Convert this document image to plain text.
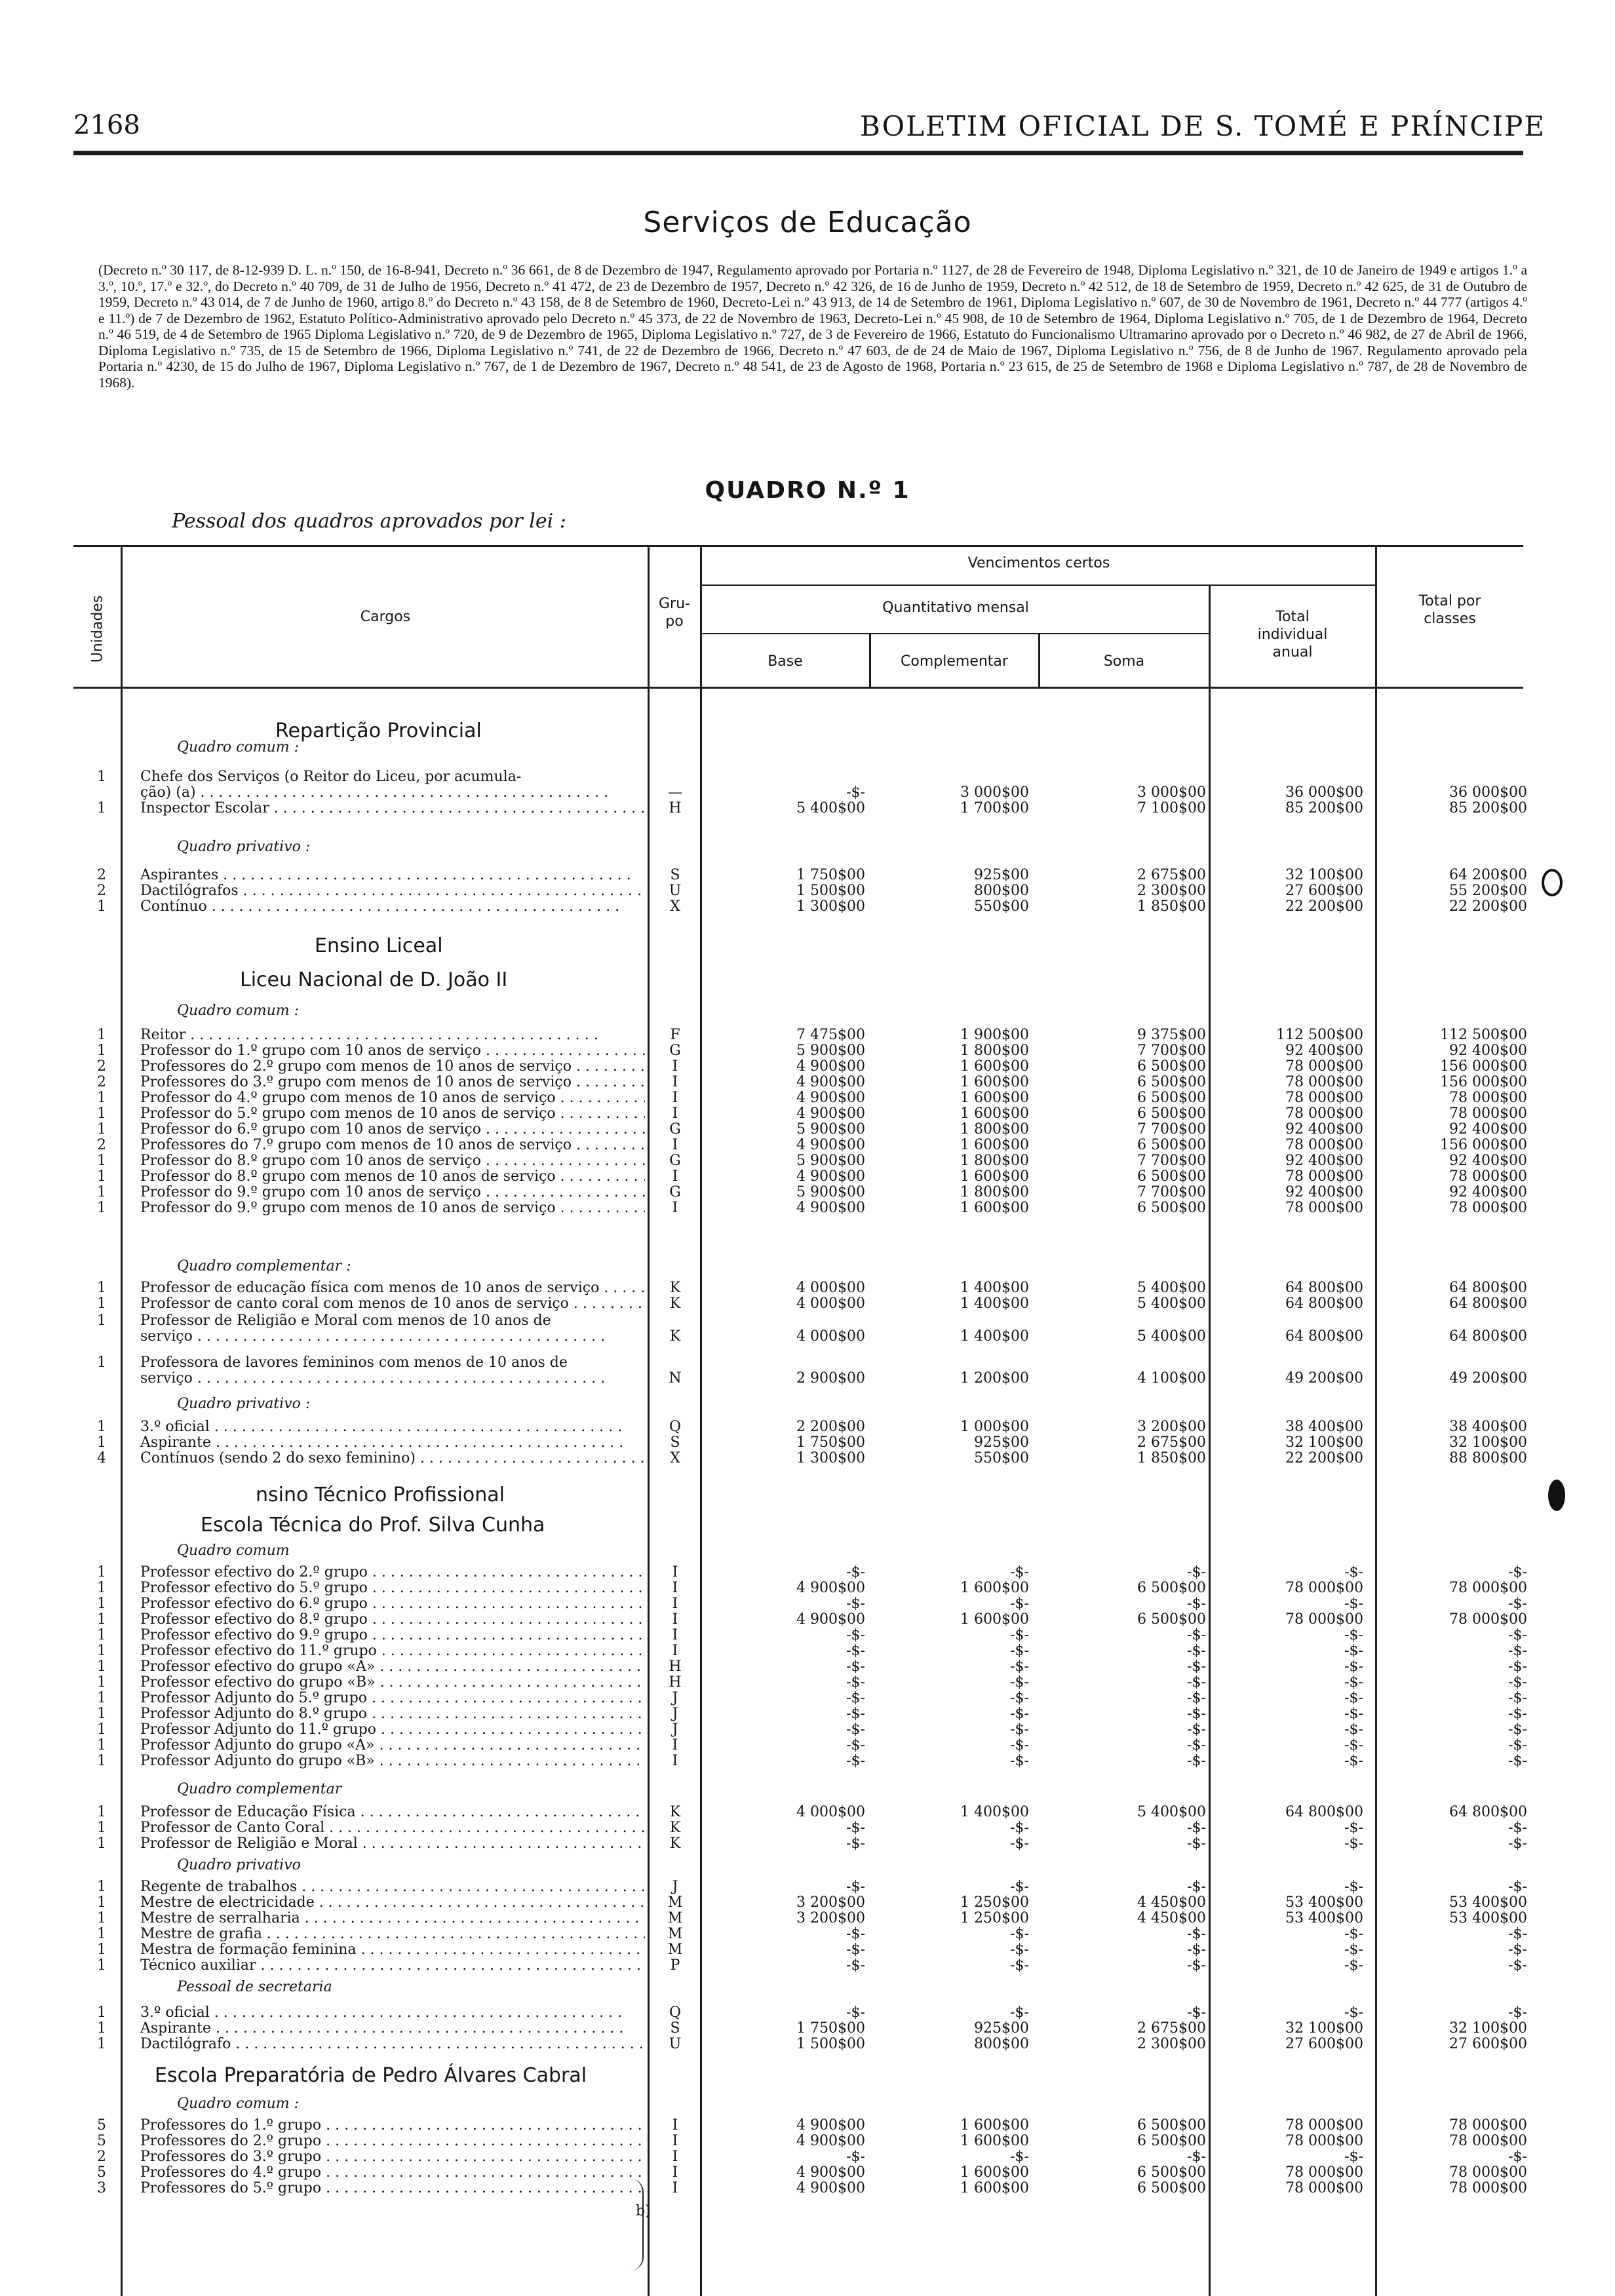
2168	BOLETIM OFICIAL DE S. TOMÉ E PRÍNCIPE
Serviços de Educação
(Decreto n.º 30 117, de 8-12-939 D. L. n.º 150, de 16-8-941, Decreto n.º 36 661, de 8 de Dezembro de 1947, Regulamento aprovado por Portaria n.º 1127, de 28 de Fevereiro de 1948, Diploma Legislativo n.º 321, de 10 de Janeiro de 1949 e artigos 1.º a 3.º, 10.º, 17.º e 32.º, do Decreto n.º 40 709, de 31 de Julho de 1956, Decreto n.º 41 472, de 23 de Dezembro de 1957, Decreto n.º 42 326, de 16 de Junho de 1959, Decreto n.º 42 512, de 18 de Setembro de 1959, Decreto n.º 42 625, de 31 de Outubro de 1959, Decreto n.º 43 014, de 7 de Junho de 1960, artigo 8.º do Decreto n.º 43 158, de 8 de Setembro de 1960, Decreto-Lei n.º 43 913, de 14 de Setembro de 1961, Diploma Legislativo n.º 607, de 30 de Novembro de 1961, Decreto n.º 44 777 (artigos 4.º e 11.º) de 7 de Dezembro de 1962, Estatuto Político-Administrativo aprovado pelo Decreto n.º 45 373, de 22 de Novembro de 1963, Decreto-Lei n.º 45 908, de 10 de Setembro de 1964, Diploma Legislativo n.º 705, de 1 de Dezembro de 1964, Decreto n.º 46 519, de 4 de Setembro de 1965 Diploma Legislativo n.º 720, de 9 de Dezembro de 1965, Diploma Legislativo n.º 727, de 3 de Fevereiro de 1966, Estatuto do Funcionalismo Ultramarino aprovado por o Decreto n.º 46 982, de 27 de Abril de 1966, Diploma Legislativo n.º 735, de 15 de Setembro de 1966, Diploma Legislativo n.º 741, de 22 de Dezembro de 1966, Decreto n.º 47 603, de de 24 de Maio de 1967, Diploma Legislativo n.º 756, de 8 de Junho de 1967. Regulamento aprovado pela Portaria n.º 4230, de 15 do Julho de 1967, Diploma Legislativo n.º 767, de 1 de Dezembro de 1967, Decreto n.º 48 541, de 23 de Agosto de 1968, Portaria n.º 23 615, de 25 de Setembro de 1968 e Diploma Legislativo n.º 787, de 28 de Novembro de 1968).
QUADRO N.º 1
Pessoal dos quadros aprovados por lei :
Unidades	Cargos
Gru-
po
Vencimentos certos
Quantitativo mensal
Base	Complementar	Soma
Total
individual
anual
Total por
classes
Repartição Provincial
Quadro comum :
1	Chefe dos Serviços (o Reitor do Liceu, por acumula-
ção) (a) . . .	—	-$-	3 000$00	3 000$00	36 000$00	36 000$00
1	Inspector Escolar . . .	H	5 400$00	1 700$00	7 100$00	85 200$00	85 200$00
Quadro privativo :
2	Aspirantes . . .	S	1 750$00	925$00	2 675$00	32 100$00	64 200$00
2	Dactilógrafos . . .	U	1 500$00	800$00	2 300$00	27 600$00	55 200$00
1	Contínuo . . .	X	1 300$00	550$00	1 850$00	22 200$00	22 200$00
Ensino Liceal
Liceu Nacional de D. João II
Quadro comum :
1	Reitor . . .	F	7 475$00	1 900$00	9 375$00	112 500$00	112 500$00
1	Professor do 1.º grupo com 10 anos de serviço . . .	G	5 900$00	1 800$00	7 700$00	92 400$00	92 400$00
2	Professores do 2.º grupo com menos de 10 anos de serviço . . .	I	4 900$00	1 600$00	6 500$00	78 000$00	156 000$00
2	Professores do 3.º grupo com menos de 10 anos de serviço . . .	I	4 900$00	1 600$00	6 500$00	78 000$00	156 000$00
1	Professor do 4.º grupo com menos de 10 anos de serviço . . .	I	4 900$00	1 600$00	6 500$00	78 000$00	78 000$00
1	Professor do 5.º grupo com menos de 10 anos de serviço . . .	I	4 900$00	1 600$00	6 500$00	78 000$00	78 000$00
1	Professor do 6.º grupo com 10 anos de serviço . . .	G	5 900$00	1 800$00	7 700$00	92 400$00	92 400$00
2	Professores do 7.º grupo com menos de 10 anos de serviço . . .	I	4 900$00	1 600$00	6 500$00	78 000$00	156 000$00
1	Professor do 8.º grupo com 10 anos de serviço . . .	G	5 900$00	1 800$00	7 700$00	92 400$00	92 400$00
1	Professor do 8.º grupo com menos de 10 anos de serviço . . .	I	4 900$00	1 600$00	6 500$00	78 000$00	78 000$00
1	Professor do 9.º grupo com 10 anos de serviço . . .	G	5 900$00	1 800$00	7 700$00	92 400$00	92 400$00
1	Professor do 9.º grupo com menos de 10 anos de serviço . . .	I	4 900$00	1 600$00	6 500$00	78 000$00	78 000$00
Quadro complementar :
1	Professor de educação física com menos de 10 anos de serviço . . .	K	4 000$00	1 400$00	5 400$00	64 800$00	64 800$00
1	Professor de canto coral com menos de 10 anos de serviço . . .	K	4 000$00	1 400$00	5 400$00	64 800$00	64 800$00
1	Professor de Religião e Moral com menos de 10 anos de
serviço . . .	K	4 000$00	1 400$00	5 400$00	64 800$00	64 800$00
1	Professora de lavores femininos com menos de 10 anos de
serviço . . .	N	2 900$00	1 200$00	4 100$00	49 200$00	49 200$00
Quadro privativo :
1	3.º oficial . . .	Q	2 200$00	1 000$00	3 200$00	38 400$00	38 400$00
1	Aspirante . . .	S	1 750$00	925$00	2 675$00	32 100$00	32 100$00
4	Contínuos (sendo 2 do sexo feminino) . . .	X	1 300$00	550$00	1 850$00	22 200$00	88 800$00
nsino Técnico Profissional
Escola Técnica do Prof. Silva Cunha
Quadro comum
1	Professor efectivo do 2.º grupo . . .	I	-$-	-$-	-$-	-$-	-$-
1	Professor efectivo do 5.º grupo . . .	I	4 900$00	1 600$00	6 500$00	78 000$00	78 000$00
1	Professor efectivo do 6.º grupo . . .	I	-$-	-$-	-$-	-$-	-$-
1	Professor efectivo do 8.º grupo . . .	I	4 900$00	1 600$00	6 500$00	78 000$00	78 000$00
1	Professor efectivo do 9.º grupo . . .	I	-$-	-$-	-$-	-$-	-$-
1	Professor efectivo do 11.º grupo . . .	I	-$-	-$-	-$-	-$-	-$-
1	Professor efectivo do grupo «A» . . .	H	-$-	-$-	-$-	-$-	-$-
1	Professor efectivo do grupo «B» . . .	H	-$-	-$-	-$-	-$-	-$-
1	Professor Adjunto do 5.º grupo . . .	J	-$-	-$-	-$-	-$-	-$-
1	Professor Adjunto do 8.º grupo . . .	J	-$-	-$-	-$-	-$-	-$-
1	Professor Adjunto do 11.º grupo . . .	J	-$-	-$-	-$-	-$-	-$-
1	Professor Adjunto do grupo «A» . . .	I	-$-	-$-	-$-	-$-	-$-
1	Professor Adjunto do grupo «B» . . .	I	-$-	-$-	-$-	-$-	-$-
Quadro complementar
1	Professor de Educação Física . . .	K	4 000$00	1 400$00	5 400$00	64 800$00	64 800$00
1	Professor de Canto Coral . . .	K	-$-	-$-	-$-	-$-	-$-
1	Professor de Religião e Moral . . .	K	-$-	-$-	-$-	-$-	-$-
Quadro privativo
1	Regente de trabalhos . . .	J	-$-	-$-	-$-	-$-	-$-
1	Mestre de electricidade . . .	M	3 200$00	1 250$00	4 450$00	53 400$00	53 400$00
1	Mestre de serralharia . . .	M	3 200$00	1 250$00	4 450$00	53 400$00	53 400$00
1	Mestre de grafia . . .	M	-$-	-$-	-$-	-$-	-$-
1	Mestra de formação feminina . . .	M	-$-	-$-	-$-	-$-	-$-
1	Técnico auxiliar . . .	P	-$-	-$-	-$-	-$-	-$-
Pessoal de secretaria
1	3.º oficial . . .	Q	-$-	-$-	-$-	-$-	-$-
1	Aspirante . . .	S	1 750$00	925$00	2 675$00	32 100$00	32 100$00
1	Dactilógrafo . . .	U	1 500$00	800$00	2 300$00	27 600$00	27 600$00
Escola Preparatória de Pedro Álvares Cabral
Quadro comum :
5	Professores do 1.º grupo . . .	I	4 900$00	1 600$00	6 500$00	78 000$00	78 000$00
5	Professores do 2.º grupo . . .	I	4 900$00	1 600$00	6 500$00	78 000$00	78 000$00
2	Professores do 3.º grupo . . .	I	-$-	-$-	-$-	-$-	-$-
5	Professores do 4.º grupo . . .	I	4 900$00	1 600$00	6 500$00	78 000$00	78 000$00
3	Professores do 5.º grupo . . .	I	4 900$00	1 600$00	6 500$00	78 000$00	78 000$00
b)
